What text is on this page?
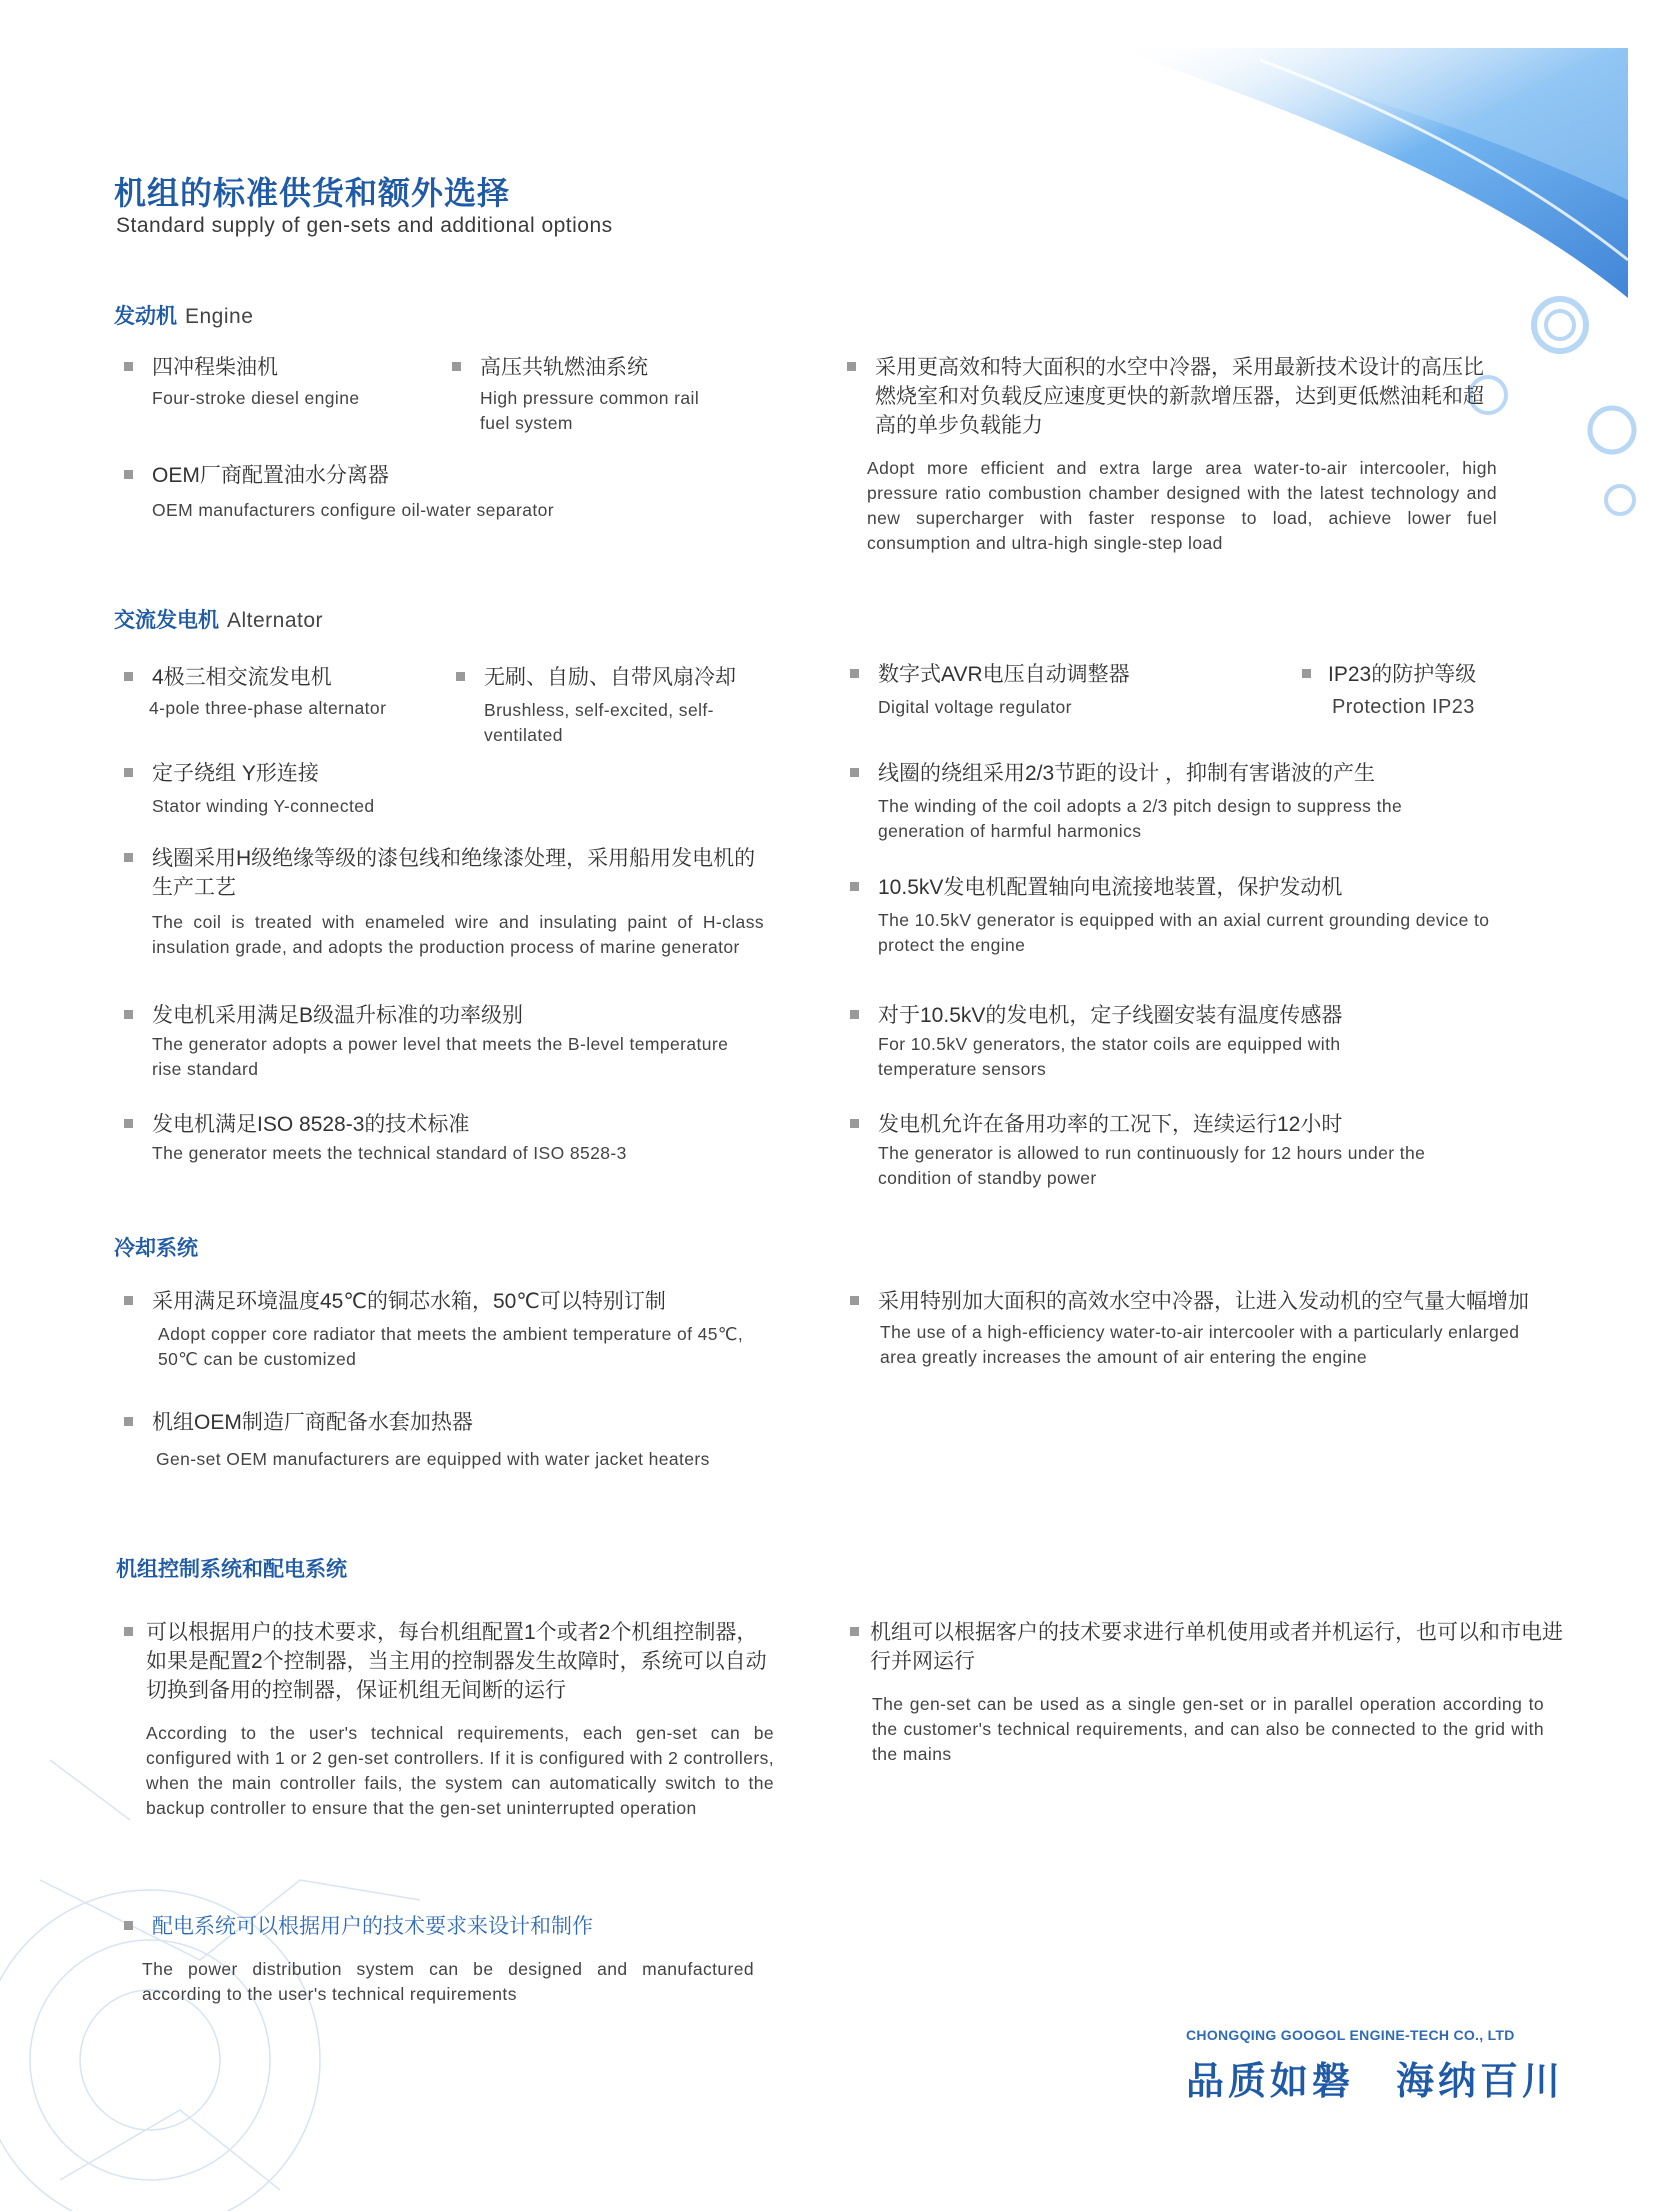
机组的标准供货和额外选择
Standard supply of gen-sets and additional options
发动机 Engine
四冲程柴油机
Four-stroke diesel engine
高压共轨燃油系统
High pressure common rail fuel system
OEM厂商配置油水分离器
OEM manufacturers configure oil-water separator
采用更高效和特大面积的水空中冷器，采用最新技术设计的高压比燃烧室和对负载反应速度更快的新款增压器，达到更低燃油耗和超高的单步负载能力
Adopt more efficient and extra large area water-to-air intercooler, high pressure ratio combustion chamber designed with the latest technology and new supercharger with faster response to load, achieve lower fuel consumption and ultra-high single-step load
交流发电机 Alternator
4极三相交流发电机
4-pole three-phase alternator
无刷、自励、自带风扇冷却
Brushless, self-excited, self-ventilated
数字式AVR电压自动调整器
Digital voltage regulator
IP23的防护等级
Protection IP23
定子绕组 Y形连接
Stator winding Y-connected
线圈的绕组采用2/3节距的设计 ，抑制有害谐波的产生
The winding of the coil adopts a 2/3 pitch design to suppress the generation of harmful harmonics
线圈采用H级绝缘等级的漆包线和绝缘漆处理，采用船用发电机的生产工艺
The coil is treated with enameled wire and insulating paint of H-class insulation grade, and adopts the production process of marine generator
10.5kV发电机配置轴向电流接地装置，保护发动机
The 10.5kV generator is equipped with an axial current grounding device to protect the engine
发电机采用满足B级温升标准的功率级别
The generator adopts a power level that meets the B-level temperature rise standard
对于10.5kV的发电机，定子线圈安装有温度传感器
For 10.5kV generators, the stator coils are equipped with temperature sensors
发电机满足ISO 8528-3的技术标准
The generator meets the technical standard of ISO 8528-3
发电机允许在备用功率的工况下，连续运行12小时
The generator is allowed to run continuously for 12 hours under the condition of standby power
冷却系统
采用满足环境温度45℃的铜芯水箱，50℃可以特别订制
Adopt copper core radiator that meets the ambient temperature of 45℃, 50℃ can be customized
采用特别加大面积的高效水空中冷器，让进入发动机的空气量大幅增加
The use of a high-efficiency water-to-air intercooler with a particularly enlarged area greatly increases the amount of air entering the engine
机组OEM制造厂商配备水套加热器
Gen-set OEM manufacturers are equipped with water jacket heaters
机组控制系统和配电系统
可以根据用户的技术要求，每台机组配置1个或者2个机组控制器，如果是配置2个控制器，当主用的控制器发生故障时，系统可以自动切换到备用的控制器，保证机组无间断的运行
According to the user's technical requirements, each gen-set can be configured with 1 or 2 gen-set controllers. If it is configured with 2 controllers, when the main controller fails, the system can automatically switch to the backup controller to ensure that the gen-set uninterrupted operation
机组可以根据客户的技术要求进行单机使用或者并机运行，也可以和市电进行并网运行
The gen-set can be used as a single gen-set or in parallel operation according to the customer's technical requirements, and can also be connected to the grid with the mains
配电系统可以根据用户的技术要求来设计和制作
The power distribution system can be designed and manufactured according to the user's technical requirements
CHONGQING GOOGOL ENGINE-TECH CO., LTD
品质如磐　海纳百川
